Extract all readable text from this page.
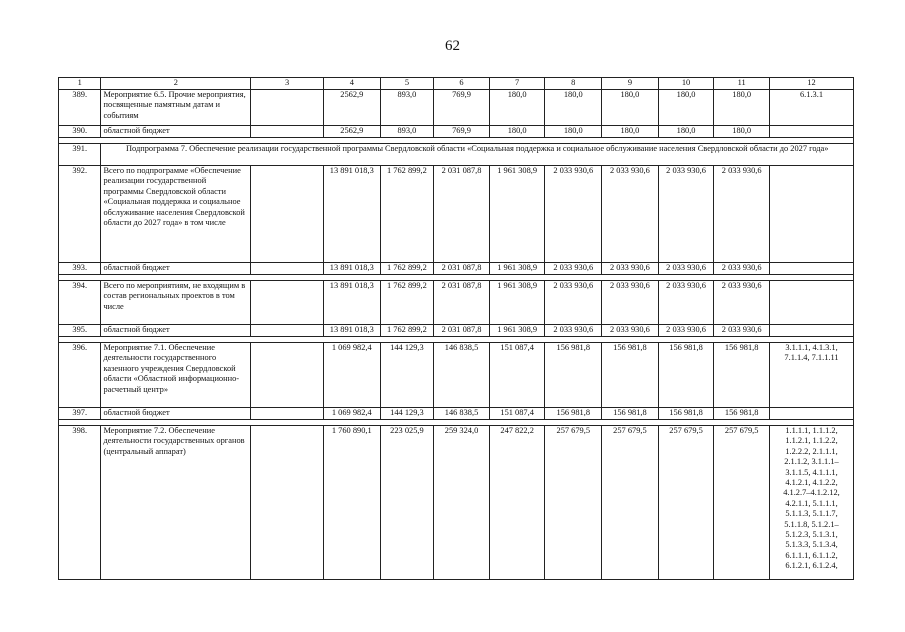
62
1	2	3	4	5	6	7	8	9	10	11	12
389.	Мероприятие 6.5. Прочие мероприятия, посвященные памятным датам и событиям		2562,9	893,0	769,9	180,0	180,0	180,0	180,0	180,0	6.1.3.1
390.	областной бюджет		2562,9	893,0	769,9	180,0	180,0	180,0	180,0	180,0	

391.	Подпрограмма 7. Обеспечение реализации государственной программы Свердловской области «Социальная поддержка и социальное обслуживание населения Свердловской области до 2027 года»										
392.	Всего по подпрограмме «Обеспечение реализации государственной программы Свердловской области «Социальная поддержка и социальное обслуживание населения Свердловской области до 2027 года» в том числе		13 891 018,3	1 762 899,2	2 031 087,8	1 961 308,9	2 033 930,6	2 033 930,6	2 033 930,6	2 033 930,6	
393.	областной бюджет		13 891 018,3	1 762 899,2	2 031 087,8	1 961 308,9	2 033 930,6	2 033 930,6	2 033 930,6	2 033 930,6	

394.	Всего по мероприятиям, не входящим в состав региональных проектов в том числе		13 891 018,3	1 762 899,2	2 031 087,8	1 961 308,9	2 033 930,6	2 033 930,6	2 033 930,6	2 033 930,6	
395.	областной бюджет		13 891 018,3	1 762 899,2	2 031 087,8	1 961 308,9	2 033 930,6	2 033 930,6	2 033 930,6	2 033 930,6	

396.	Мероприятие 7.1. Обеспечение деятельности государственного казенного учреждения Свердловской области «Областной информационно-расчетный центр»		1 069 982,4	144 129,3	146 838,5	151 087,4	156 981,8	156 981,8	156 981,8	156 981,8	3.1.1.1, 4.1.3.1, 7.1.1.4, 7.1.1.11
397.	областной бюджет		1 069 982,4	144 129,3	146 838,5	151 087,4	156 981,8	156 981,8	156 981,8	156 981,8	

398.	Мероприятие 7.2. Обеспечение деятельности государственных органов (центральный аппарат)		1 760 890,1	223 025,9	259 324,0	247 822,2	257 679,5	257 679,5	257 679,5	257 679,5	1.1.1.1, 1.1.1.2, 1.1.2.1, 1.1.2.2, 1.2.2.2, 2.1.1.1, 2.1.1.2, 3.1.1.1– 3.1.1.5, 4.1.1.1, 4.1.2.1, 4.1.2.2, 4.1.2.7–4.1.2.12, 4.2.1.1, 5.1.1.1, 5.1.1.3, 5.1.1.7, 5.1.1.8, 5.1.2.1– 5.1.2.3, 5.1.3.1, 5.1.3.3, 5.1.3.4, 6.1.1.1, 6.1.1.2, 6.1.2.1, 6.1.2.4,
